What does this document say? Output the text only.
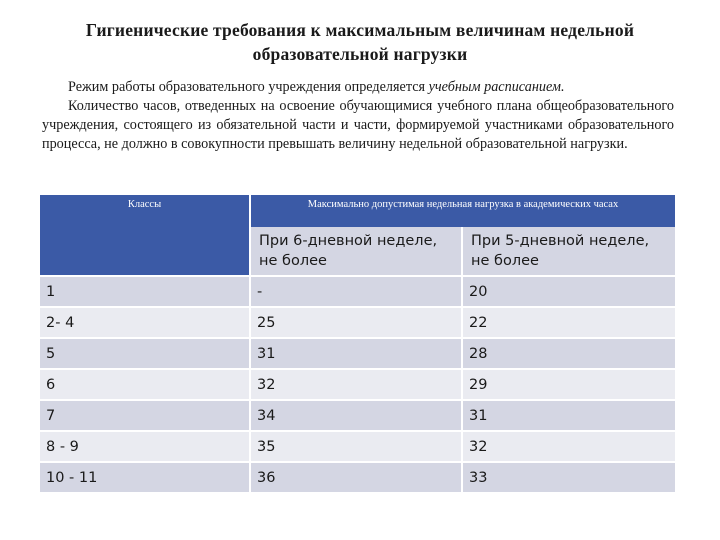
Гигиенические требования к максимальным величинам недельной
образовательной нагрузки

Режим работы образовательного учреждения определяется учебным расписанием.

Количество часов, отведенных на освоение обучающимися учебного плана общеобразовательного учреждения, состоящего из обязательной части и части, формируемой участниками образовательного процесса, не должно в совокупности превышать величину недельной образовательной нагрузки.

Классы	Максимально допустимая недельная нагрузка в академических часах	
	При 6-дневной неделе, не более	При 5-дневной неделе, не более
1	-	20
2- 4	25	22
5	31	28
6	32	29
7	34	31
8 - 9	35	32
10 - 11	36	33
